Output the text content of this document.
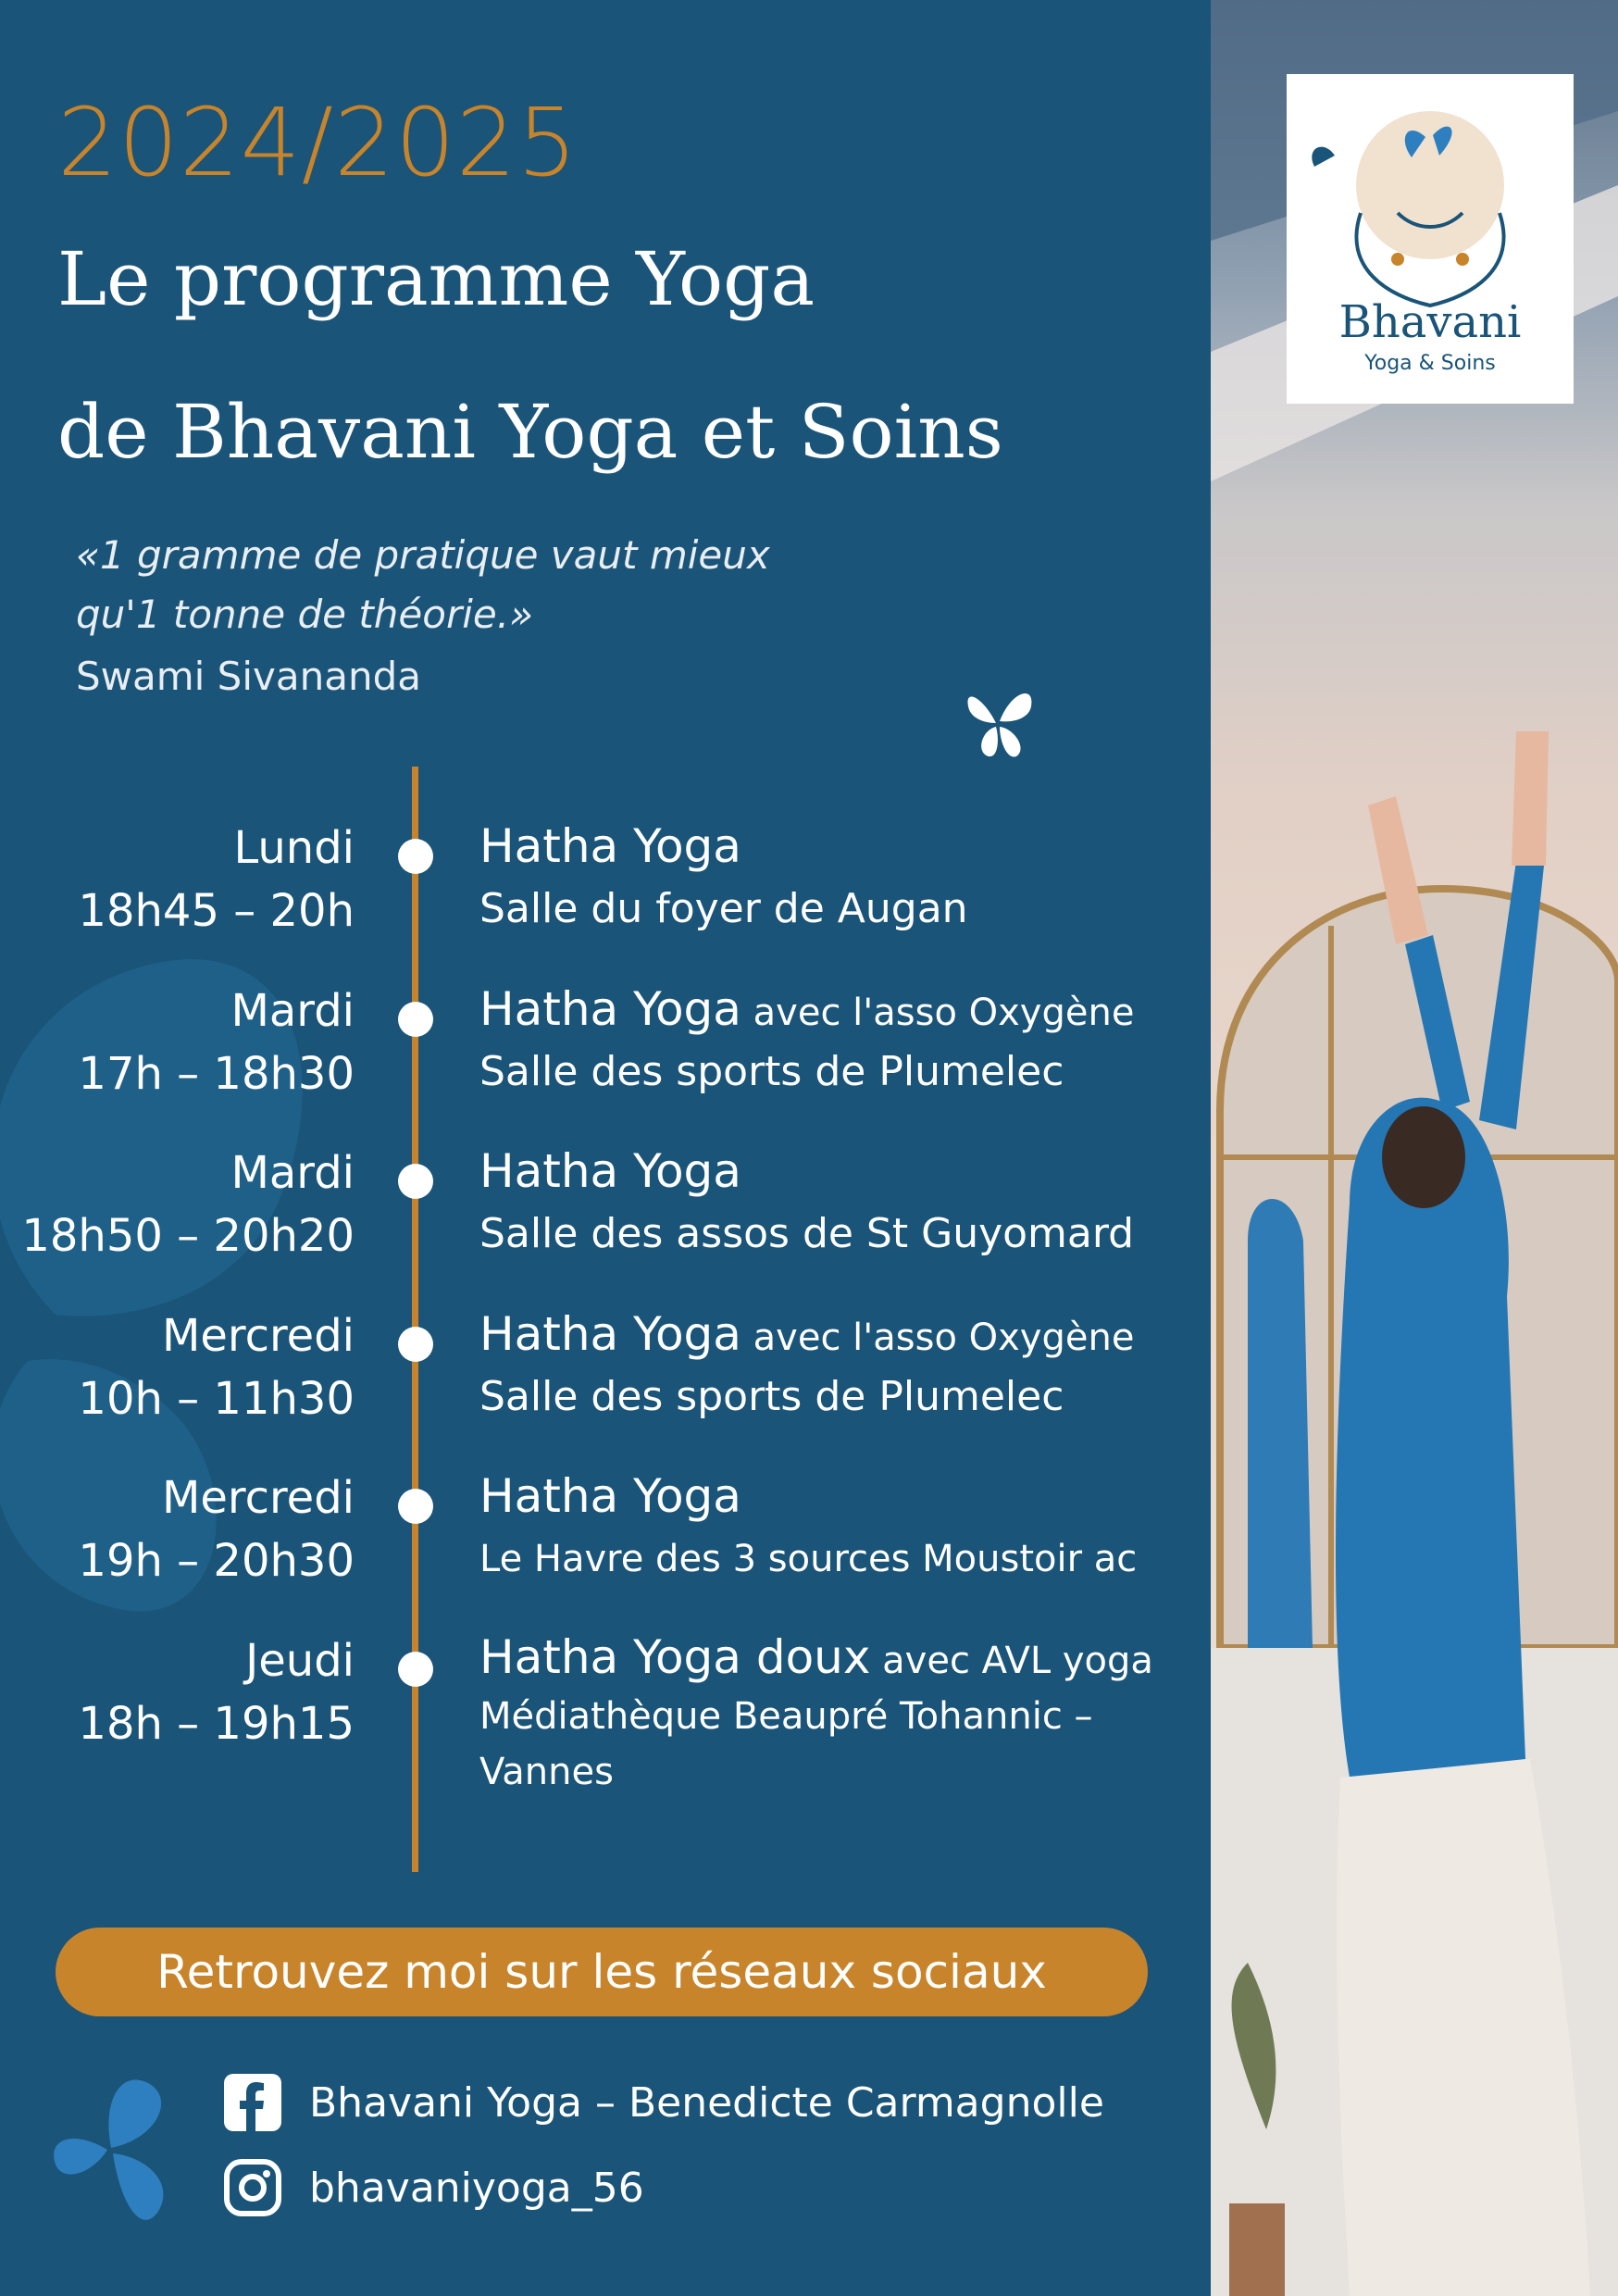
2024/2025
Le programme Yoga
de Bhavani Yoga et Soins
«1 gramme de pratique vaut mieux
qu'1 tonne de théorie.»
Swami Sivananda
Lundi
18h45 – 20h
Hatha Yoga
Salle du foyer de Augan
Mardi
17h – 18h30
Hatha Yoga avec l'asso Oxygène
Salle des sports de Plumelec
Mardi
18h50 – 20h20
Hatha Yoga
Salle des assos de St Guyomard
Mercredi
10h – 11h30
Hatha Yoga avec l'asso Oxygène
Salle des sports de Plumelec
Mercredi
19h – 20h30
Hatha Yoga
Le Havre des 3 sources Moustoir ac
Jeudi
18h – 19h15
Hatha Yoga doux avec AVL yoga
Médiathèque Beaupré Tohannic –
Vannes
Retrouvez moi sur les réseaux sociaux
Bhavani Yoga – Benedicte Carmagnolle
bhavaniyoga_56
Bhavani
Yoga & Soins
